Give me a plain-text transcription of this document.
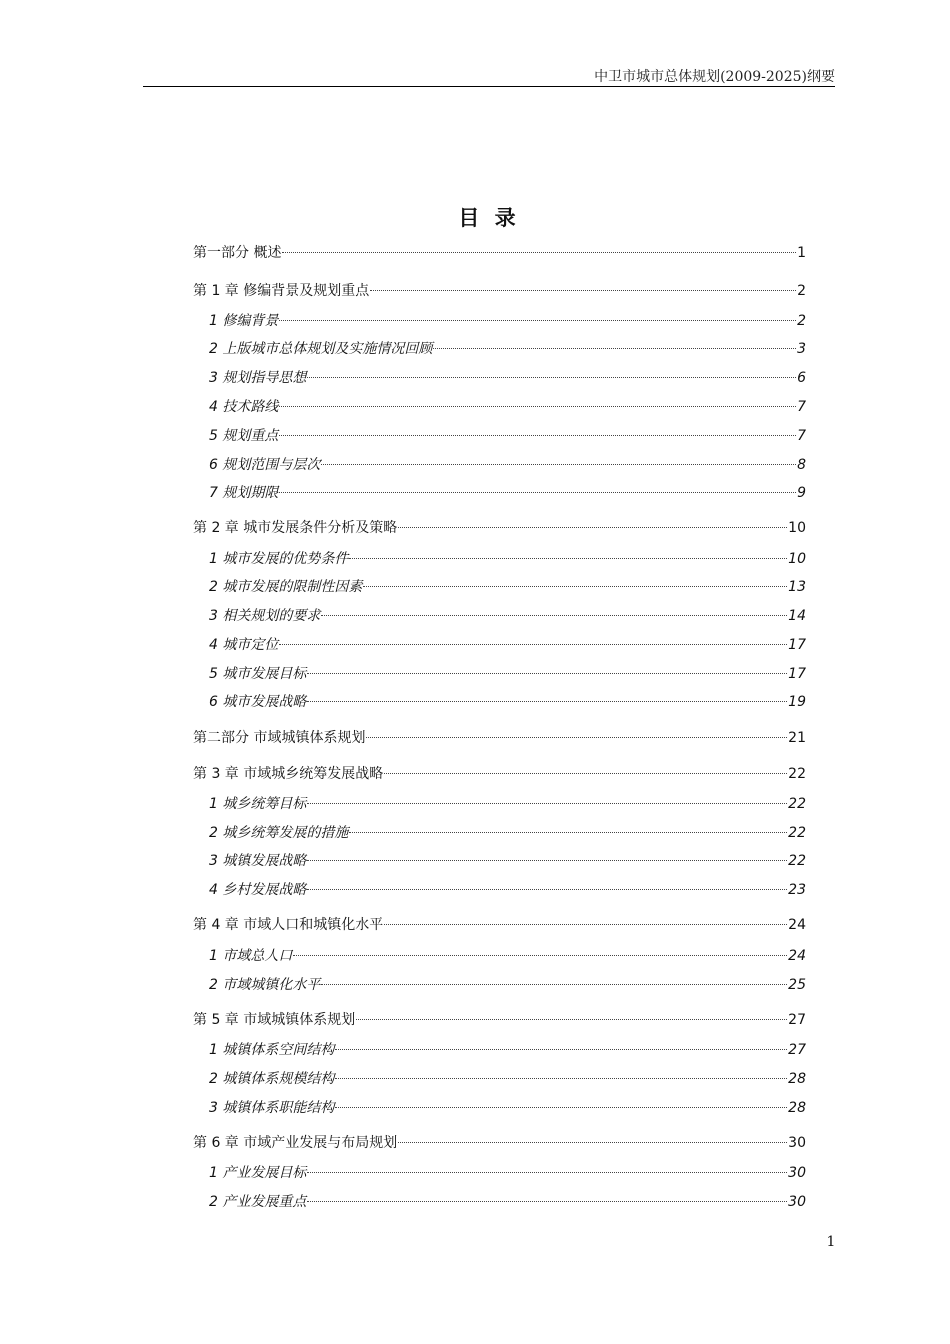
中卫市城市总体规划(2009-2025)纲要
目 录
第一部分 概述	1
第 1 章 修编背景及规划重点	2
1 修编背景	2
2 上版城市总体规划及实施情况回顾	3
3 规划指导思想	6
4 技术路线	7
5 规划重点	7
6 规划范围与层次	8
7 规划期限	9
第 2 章 城市发展条件分析及策略	10
1 城市发展的优势条件	10
2 城市发展的限制性因素	13
3 相关规划的要求	14
4 城市定位	17
5 城市发展目标	17
6 城市发展战略	19
第二部分 市域城镇体系规划	21
第 3 章 市域城乡统筹发展战略	22
1 城乡统筹目标	22
2 城乡统筹发展的措施	22
3 城镇发展战略	22
4 乡村发展战略	23
第 4 章 市域人口和城镇化水平	24
1 市域总人口	24
2 市域城镇化水平	25
第 5 章 市域城镇体系规划	27
1 城镇体系空间结构	27
2 城镇体系规模结构	28
3 城镇体系职能结构	28
第 6 章 市域产业发展与布局规划	30
1 产业发展目标	30
2 产业发展重点	30
1
